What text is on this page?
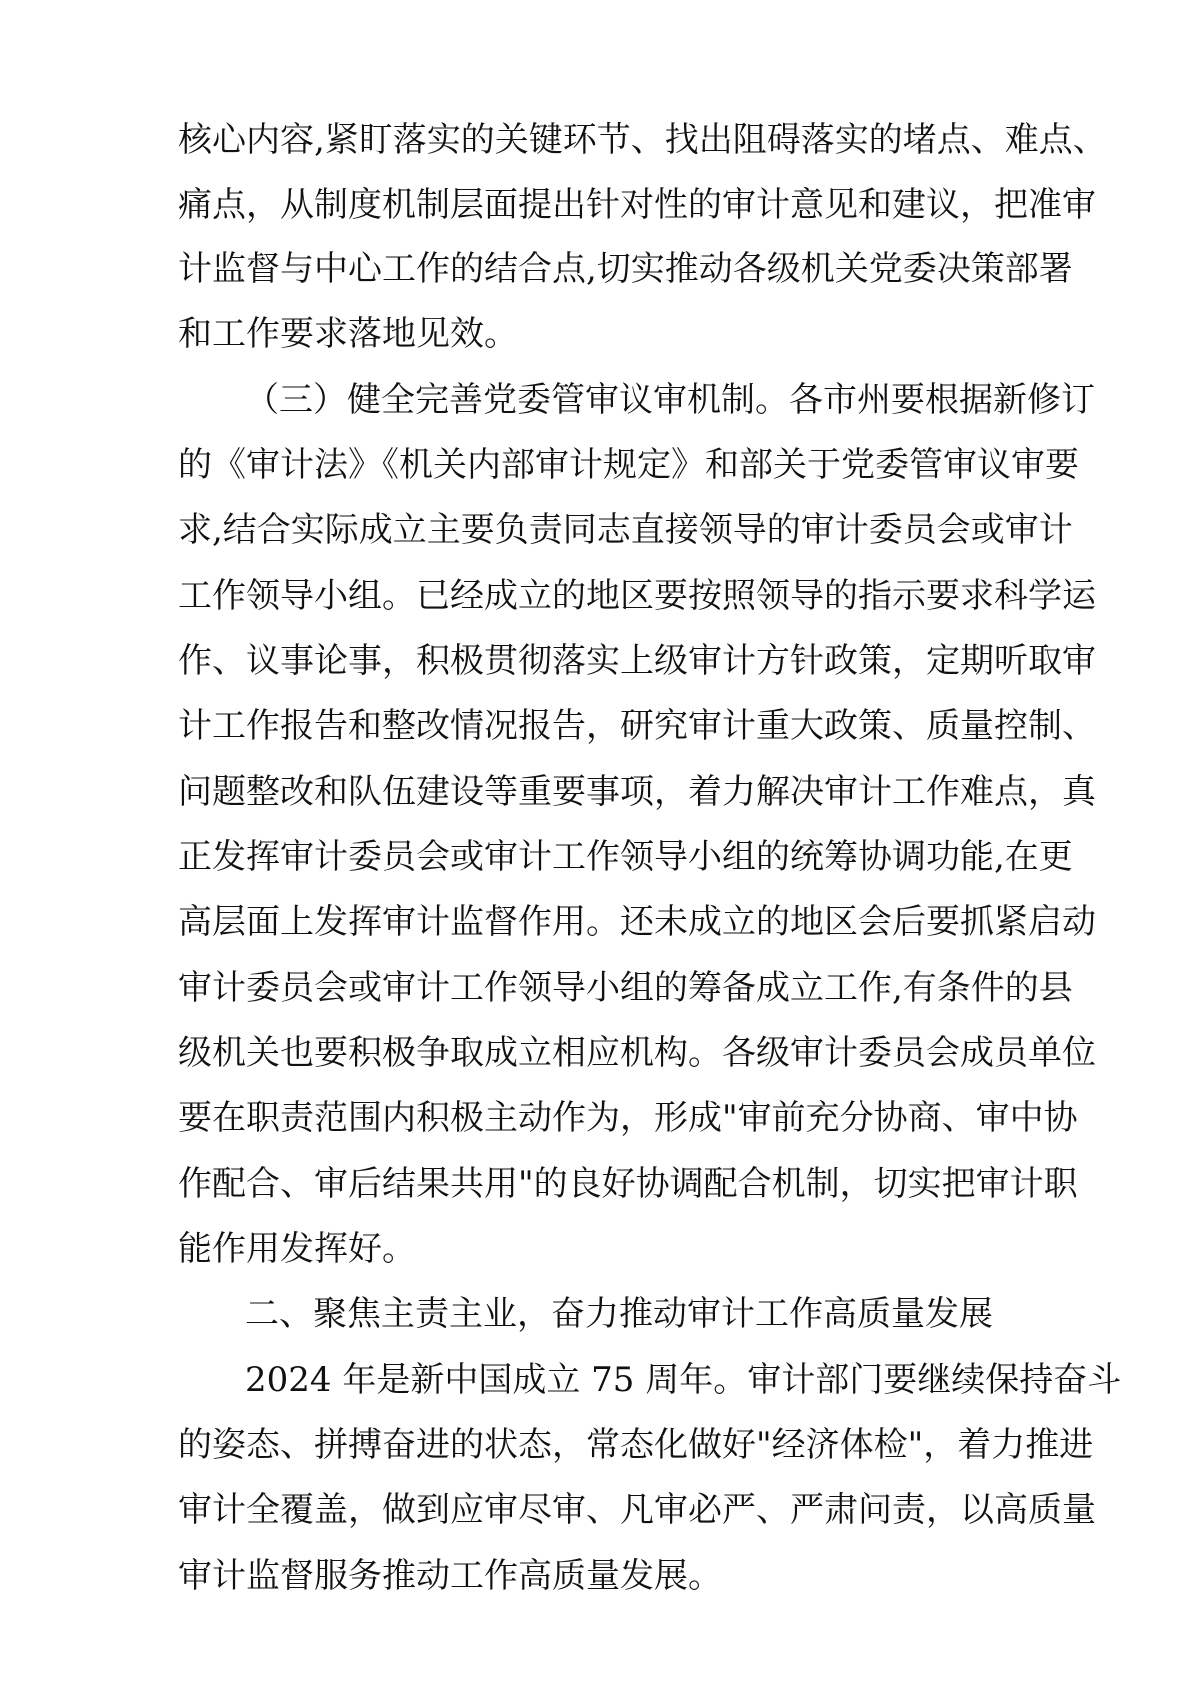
核心内容,紧盯落实的关键环节、找出阻碍落实的堵点、难点、
痛点，从制度机制层面提出针对性的审计意见和建议，把准审
计监督与中心工作的结合点,切实推动各级机关党委决策部署
和工作要求落地见效。
（三）健全完善党委管审议审机制。各市州要根据新修订
的《审计法》《机关内部审计规定》和部关于党委管审议审要
求,结合实际成立主要负责同志直接领导的审计委员会或审计
工作领导小组。已经成立的地区要按照领导的指示要求科学运
作、议事论事，积极贯彻落实上级审计方针政策，定期听取审
计工作报告和整改情况报告，研究审计重大政策、质量控制、
问题整改和队伍建设等重要事项，着力解决审计工作难点，真
正发挥审计委员会或审计工作领导小组的统筹协调功能,在更
高层面上发挥审计监督作用。还未成立的地区会后要抓紧启动
审计委员会或审计工作领导小组的筹备成立工作,有条件的县
级机关也要积极争取成立相应机构。各级审计委员会成员单位
要在职责范围内积极主动作为，形成"审前充分协商、审中协
作配合、审后结果共用"的良好协调配合机制，切实把审计职
能作用发挥好。
二、聚焦主责主业，奋力推动审计工作高质量发展
2024 年是新中国成立 75 周年。审计部门要继续保持奋斗
的姿态、拼搏奋进的状态，常态化做好"经济体检"，着力推进
审计全覆盖，做到应审尽审、凡审必严、严肃问责，以高质量
审计监督服务推动工作高质量发展。
